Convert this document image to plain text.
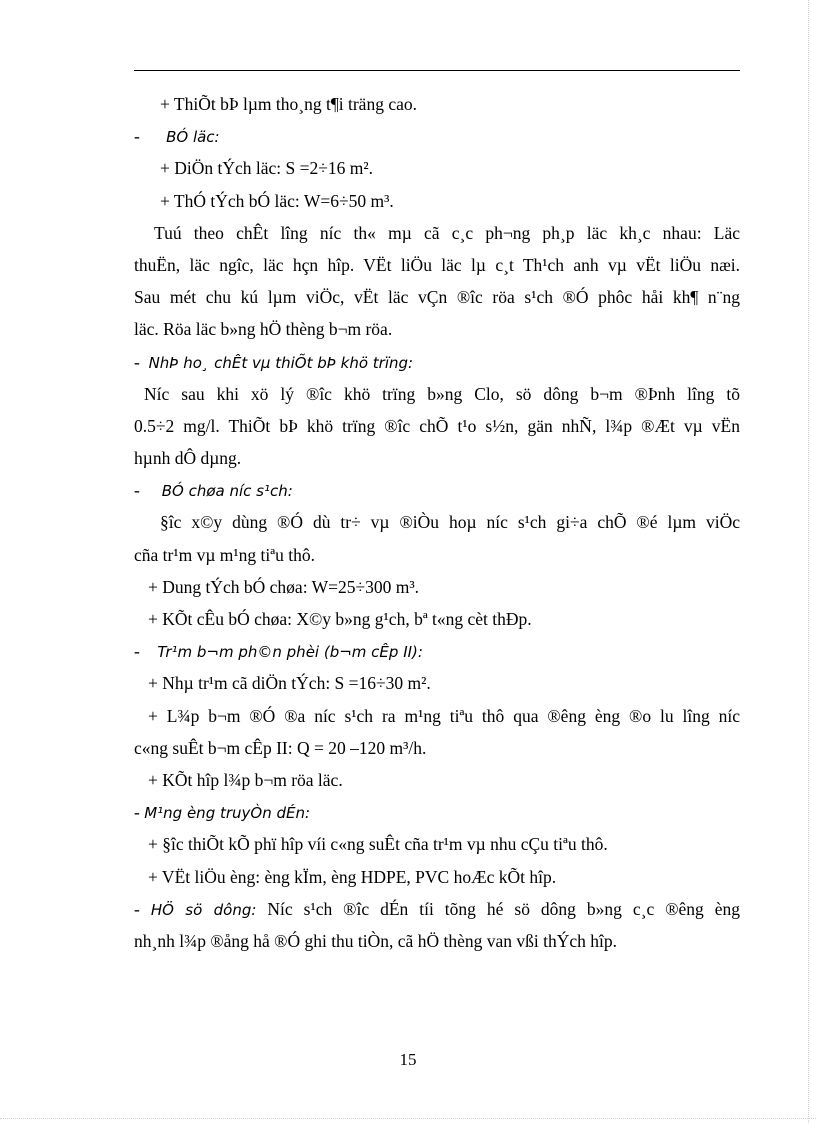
+ ThiÕt bÞ lµm tho¸ng t¶i träng cao.
- BÓ läc:
+ DiÖn tÝch läc: S =2÷16 m².
+ ThÓ tÝch bÓ läc: W=6÷50 m³.
Tuú theo chÊt lîng níc th« mµ cã c¸c ph¬ng ph¸p läc kh¸c nhau: Läc
thuËn, läc ngîc, läc hçn hîp. VËt liÖu läc lµ c¸t Th¹ch anh vµ vËt liÖu næi.
Sau mét chu kú lµm viÖc, vËt läc vÇn ®îc röa s¹ch ®Ó phôc håi kh¶ n¨ng
läc. Röa läc b»ng hÖ thèng b¬m röa.
- NhÞ ho¸ chÊt vµ thiÕt bÞ khö trïng:
Níc sau khi xö lý ®îc khö trïng b»ng Clo, sö dông b¬m ®Þnh lîng tõ
0.5÷2 mg/l. ThiÕt bÞ khö trïng ®îc chÕ t¹o s½n, gän nhÑ, l¾p ®Æt vµ vËn
hµnh dÔ dµng.
- BÓ chøa níc s¹ch:
§îc x©y dùng ®Ó dù tr÷ vµ ®iÒu hoµ níc s¹ch gi÷a chÕ ®é lµm viÖc
cña tr¹m vµ m¹ng tiªu thô.
+ Dung tÝch bÓ chøa: W=25÷300 m³.
+ KÕt cÊu bÓ chøa: X©y b»ng g¹ch, bª t«ng cèt thÐp.
- Tr¹m b¬m ph©n phèi (b¬m cÊp II):
+ Nhµ tr¹m cã diÖn tÝch: S =16÷30 m².
+ L¾p b¬m ®Ó ®a níc s¹ch ra m¹ng tiªu thô qua ®êng èng ®o lu lîng níc
c«ng suÊt b¬m cÊp II: Q = 20 –120 m³/h.
+ KÕt hîp l¾p b¬m röa läc.
- M¹ng èng truyÒn dÉn:
+ §îc thiÕt kÕ phï hîp víi c«ng suÊt cña tr¹m vµ nhu cÇu tiªu thô.
+ VËt liÖu èng: èng kÏm, èng HDPE, PVC hoÆc kÕt hîp.
- HÖ sö dông: Níc s¹ch ®îc dÉn tíi tõng hé sö dông b»ng c¸c ®êng èng
nh¸nh l¾p ®ång hå ®Ó ghi thu tiÒn, cã hÖ thèng van vßi thÝch hîp.
15
